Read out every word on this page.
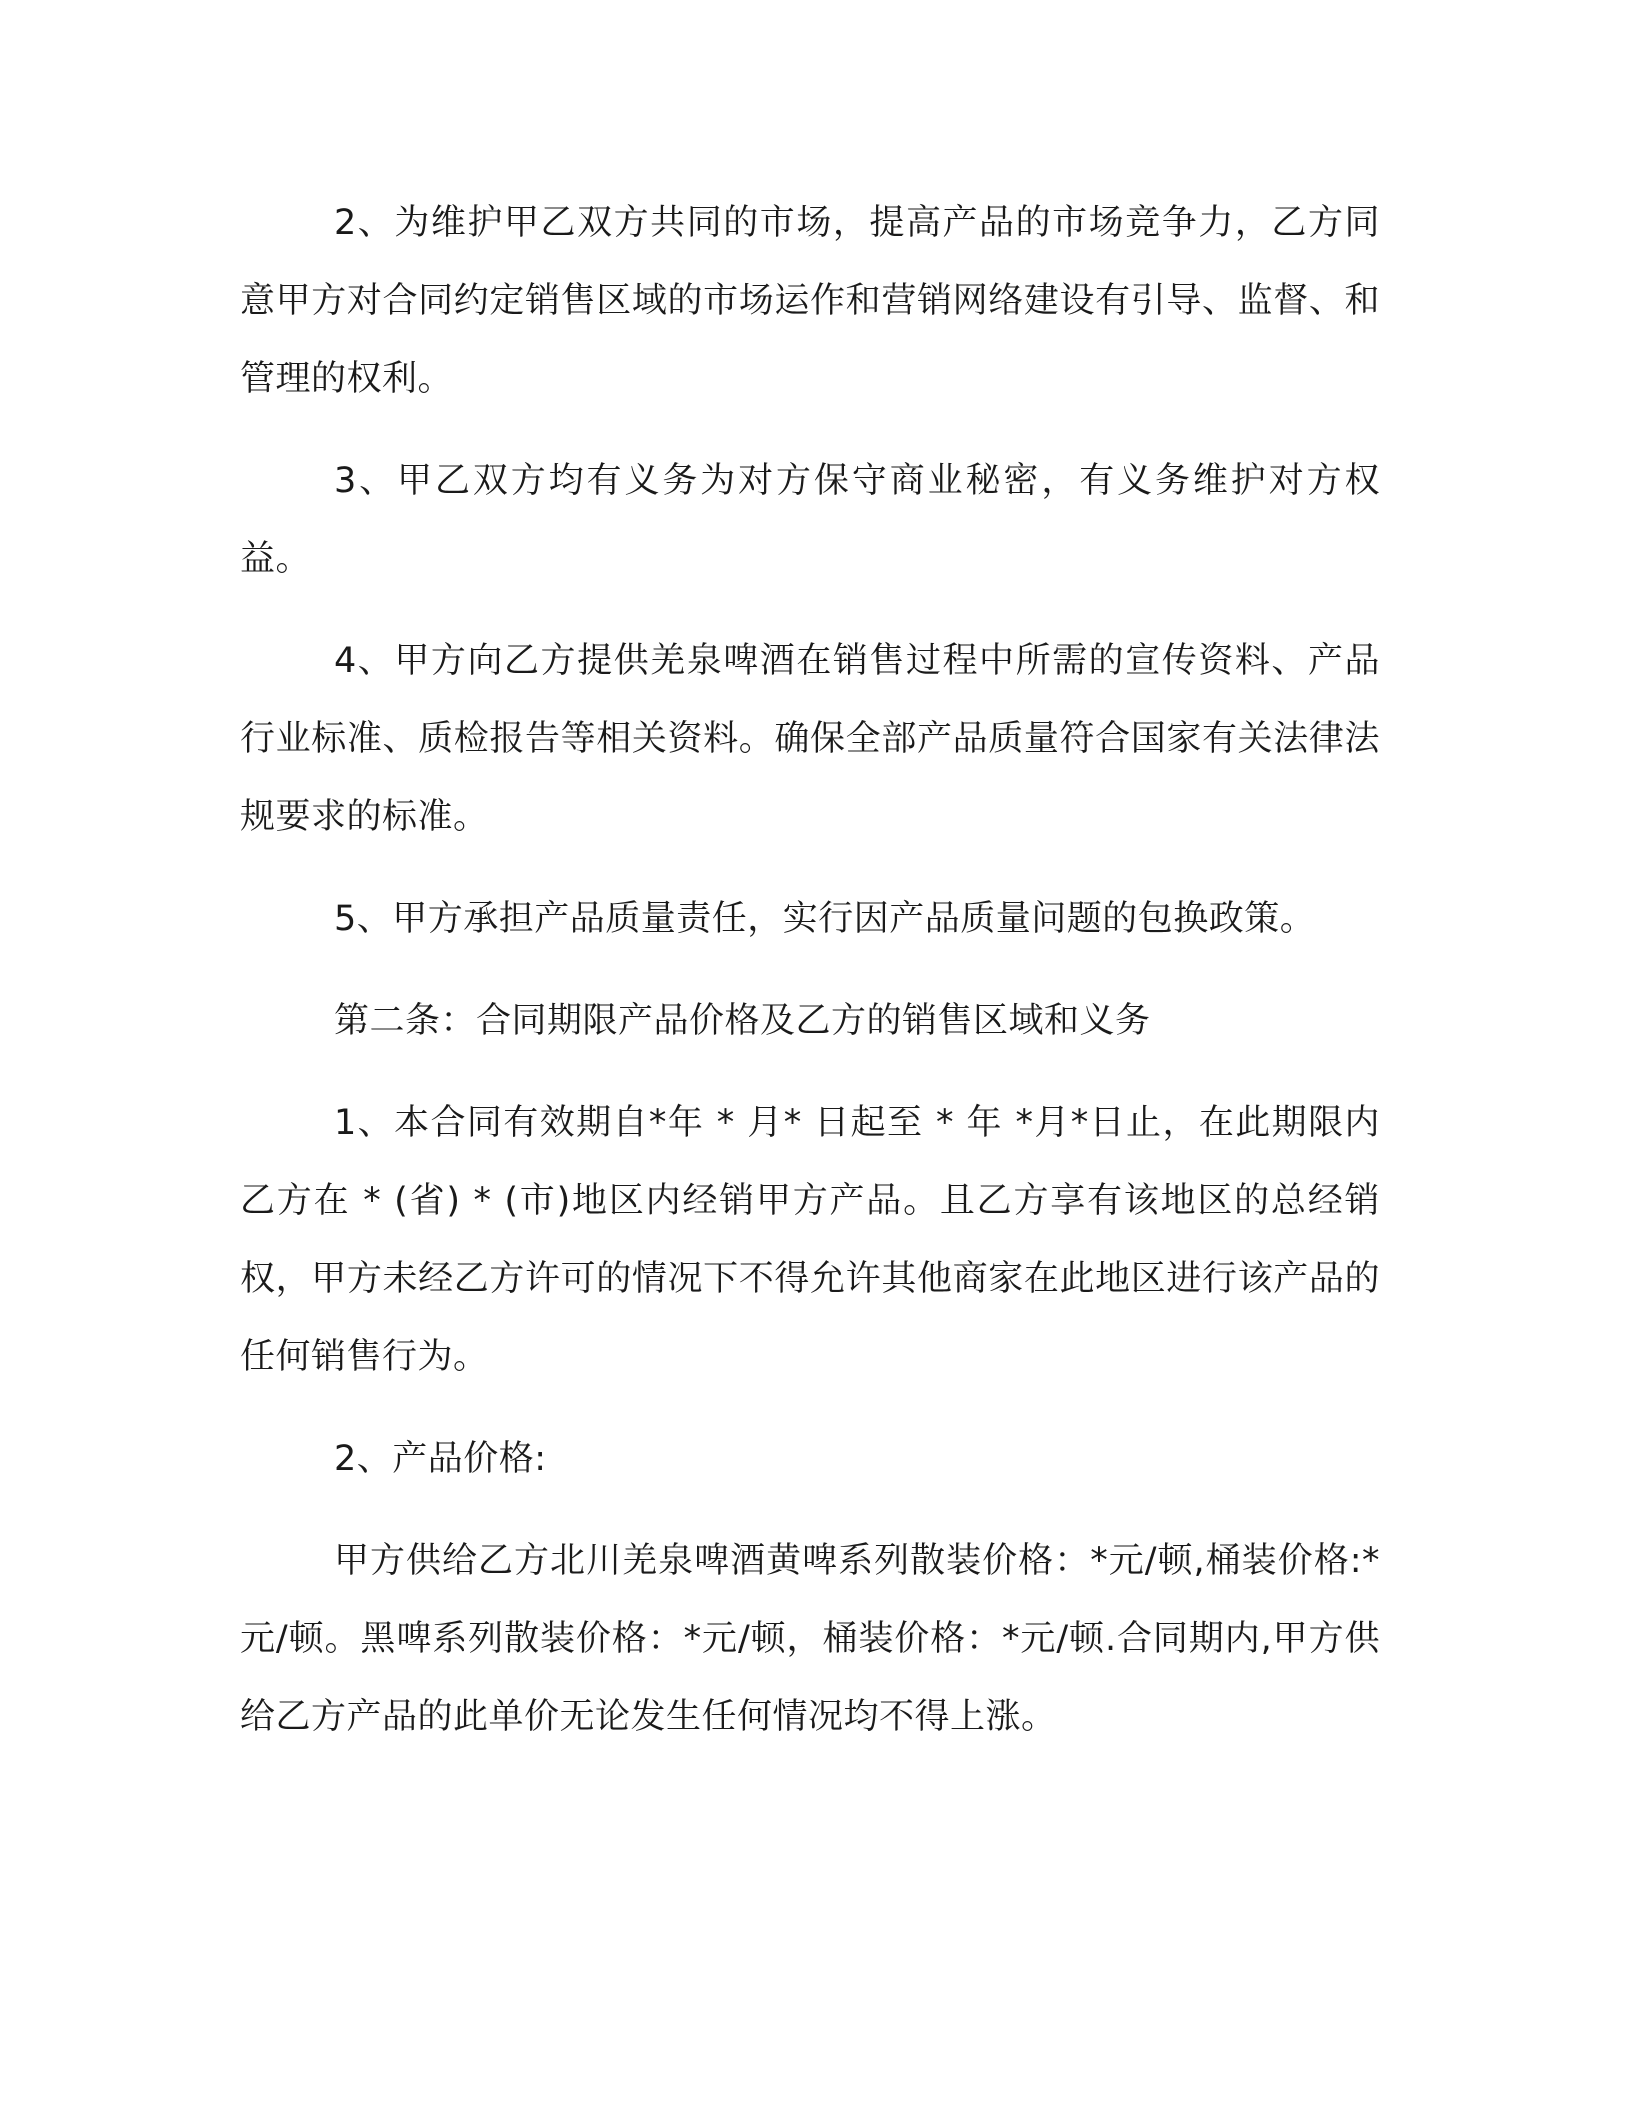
2、为维护甲乙双方共同的市场，提高产品的市场竞争力，乙方同意甲方对合同约定销售区域的市场运作和营销网络建设有引导、监督、和管理的权利。

3、甲乙双方均有义务为对方保守商业秘密，有义务维护对方权益。

4、甲方向乙方提供羌泉啤酒在销售过程中所需的宣传资料、产品行业标准、质检报告等相关资料。确保全部产品质量符合国家有关法律法规要求的标准。

5、甲方承担产品质量责任，实行因产品质量问题的包换政策。

第二条：合同期限产品价格及乙方的销售区域和义务

1、本合同有效期自*年 * 月* 日起至 * 年 *月*日止，在此期限内乙方在 * (省) * (市)地区内经销甲方产品。且乙方享有该地区的总经销权，甲方未经乙方许可的情况下不得允许其他商家在此地区进行该产品的任何销售行为。

2、产品价格:

甲方供给乙方北川羌泉啤酒黄啤系列散装价格：*元/顿,桶装价格:*元/顿。黑啤系列散装价格：*元/顿，桶装价格：*元/顿.合同期内,甲方供给乙方产品的此单价无论发生任何情况均不得上涨。
